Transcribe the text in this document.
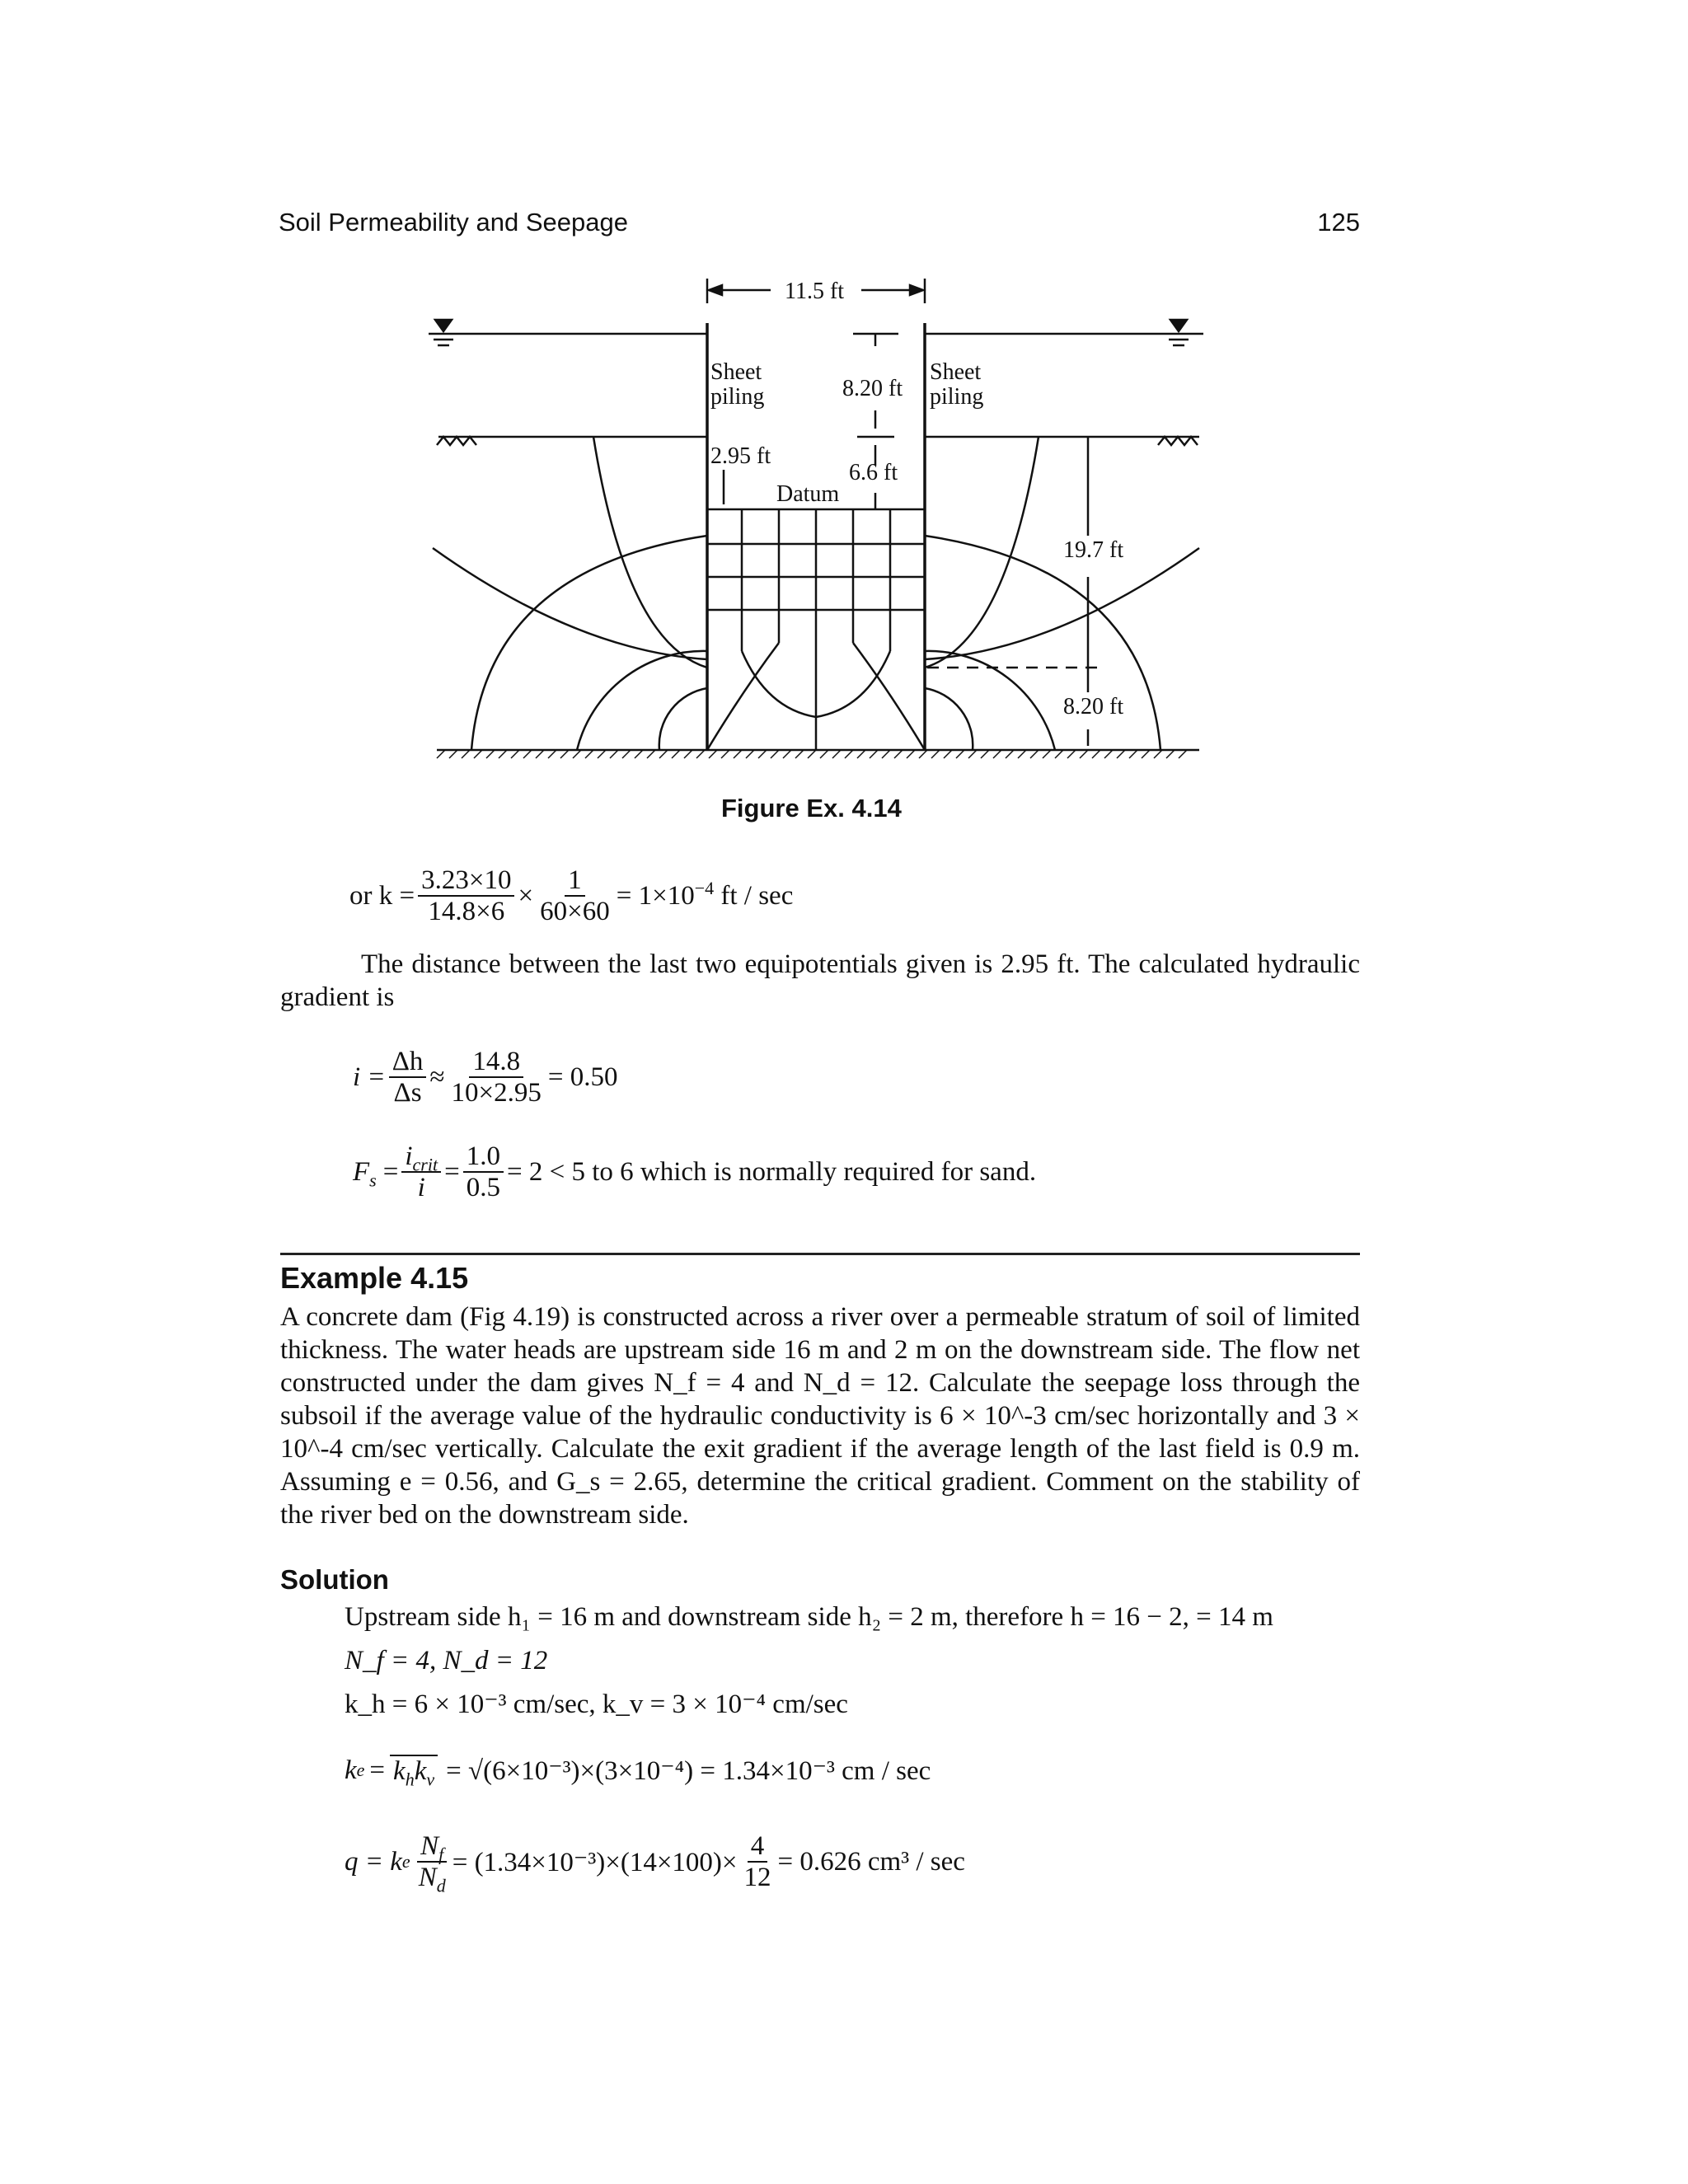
Soil Permeability and Seepage	125
11.5 ft
Sheet
piling
Sheet
piling
8.20 ft
2.95 ft
6.6 ft
Datum
19.7 ft
8.20 ft
Figure Ex. 4.14
or $k = \frac{3.23\times 10}{14.8\times 6} \times \frac{1}{60\times 60} = 1\times 10^{-4}$ ft / sec
The distance between the last two equipotentials given is 2.95 ft. The calculated hydraulic gradient is
$i = \frac{\Delta h}{\Delta s} \approx \frac{14.8}{10\times 2.95} = 0.50$
$F_s = \frac{i_{crit}}{i} = \frac{1.0}{0.5} = 2 < 5$ to 6 which is normally required for sand.
Example 4.15
A concrete dam (Fig 4.19) is constructed across a river over a permeable stratum of soil of limited thickness. The water heads are upstream side 16 m and 2 m on the downstream side. The flow net constructed under the dam gives N_f = 4 and N_d = 12. Calculate the seepage loss through the subsoil if the average value of the hydraulic conductivity is 6 × 10^-3 cm/sec horizontally and 3 × 10^-4 cm/sec vertically. Calculate the exit gradient if the average length of the last field is 0.9 m. Assuming e = 0.56, and G_s = 2.65, determine the critical gradient. Comment on the stability of the river bed on the downstream side.
Solution
Upstream side h₁ = 16 m and downstream side h₂ = 2 m, therefore h = 16 − 2, = 14 m
N_f = 4, N_d = 12
k_h = 6 × 10⁻³ cm/sec, k_v = 3 × 10⁻⁴ cm/sec
k $e = k_hk_v = √(6\times 10^{-3})\times(3\times 10^{-4}) = 1.34\times 10^{-3}$ cm / sec
q = k e $\frac{N_f}{N_d} = (1.34\times 10^{-3})\times(14\times 100)\times \frac{4}{12} = 0.626$ cm³ / sec
